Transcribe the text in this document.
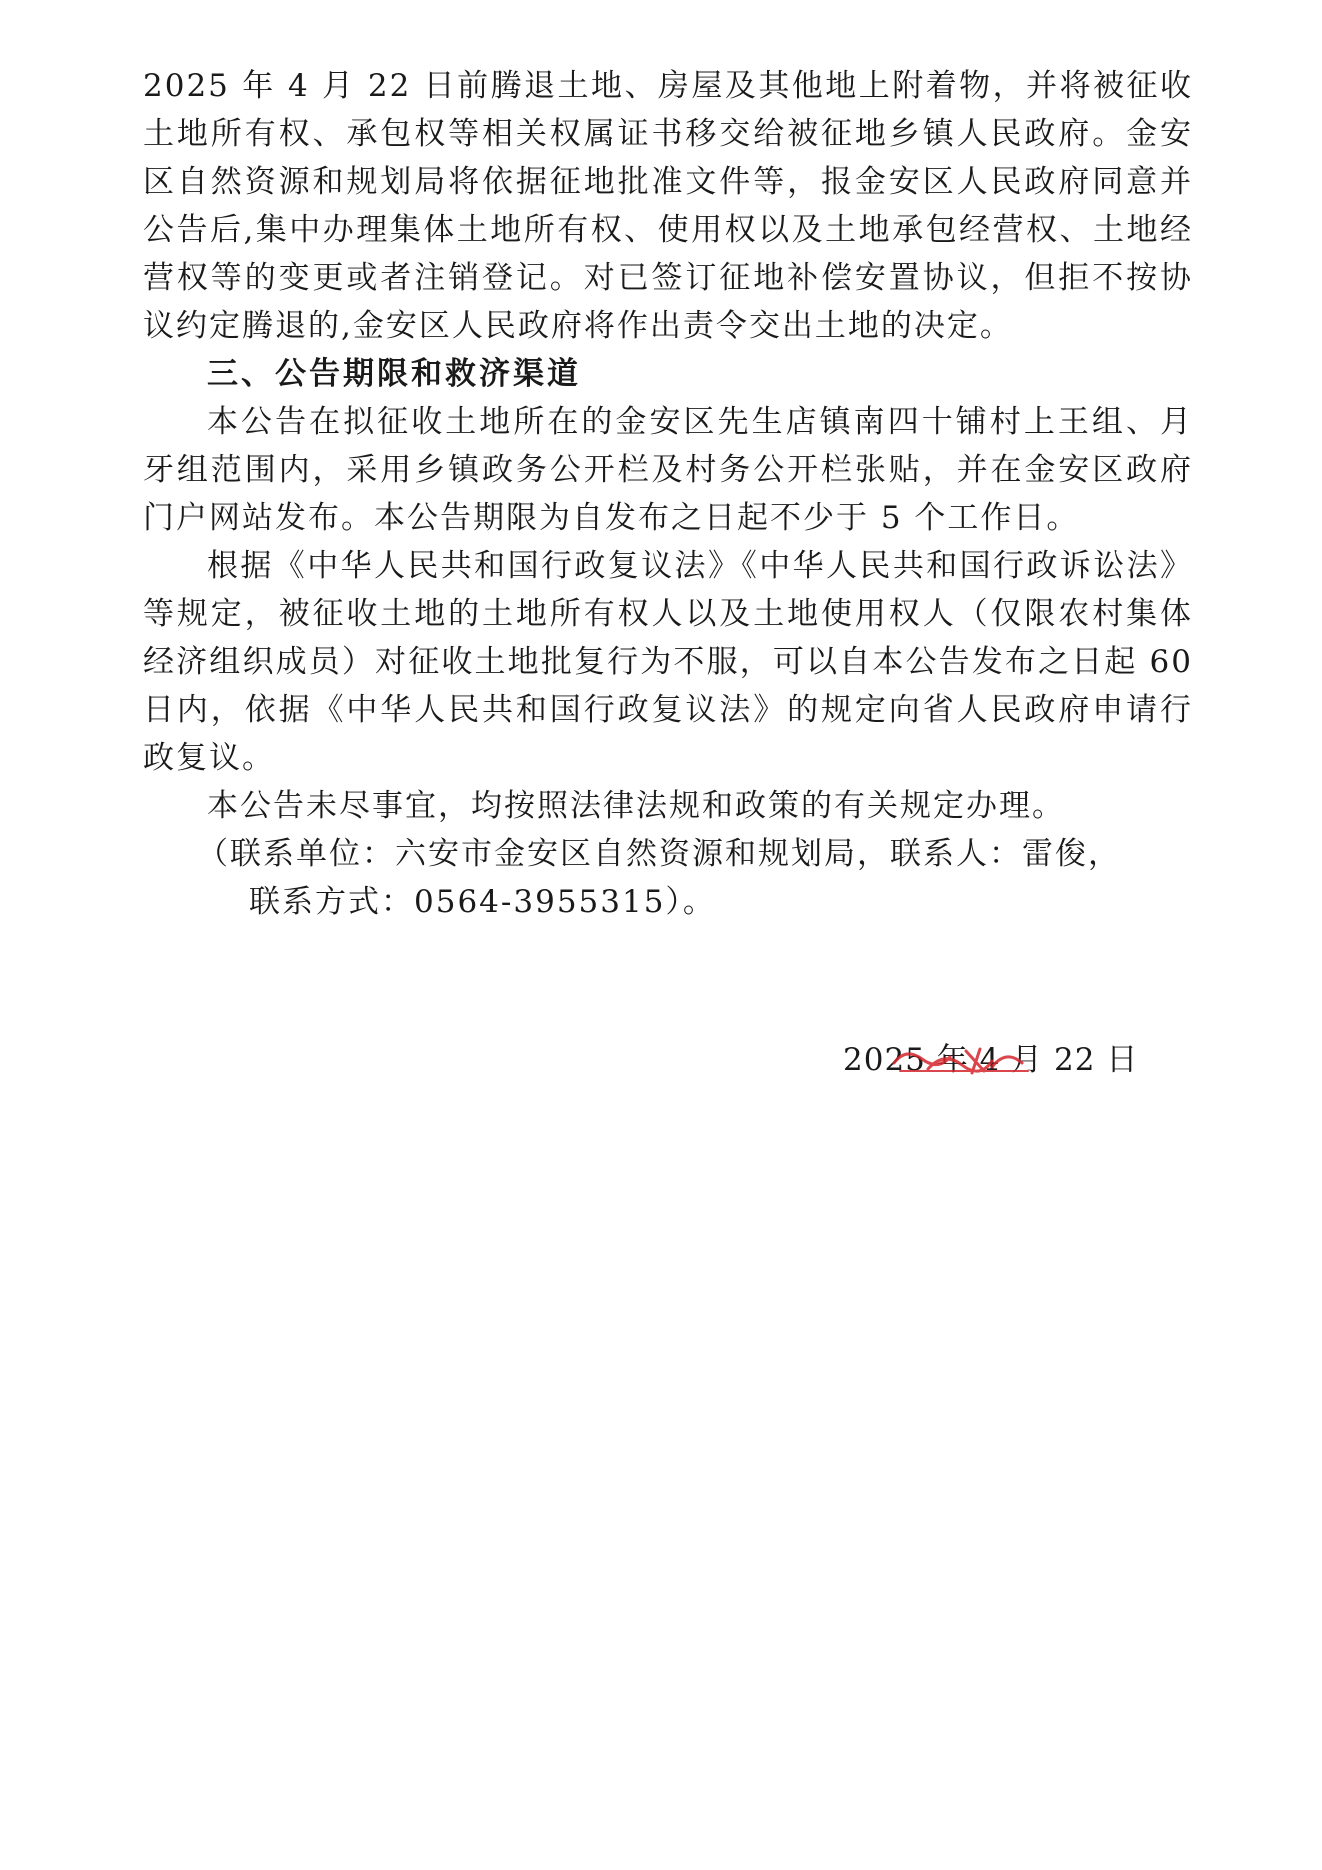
2025 年 4 月 22 日前腾退土地、房屋及其他地上附着物，并将被征收土地所有权、承包权等相关权属证书移交给被征地乡镇人民政府。金安区自然资源和规划局将依据征地批准文件等，报金安区人民政府同意并公告后,集中办理集体土地所有权、使用权以及土地承包经营权、土地经营权等的变更或者注销登记。对已签订征地补偿安置协议，但拒不按协议约定腾退的,金安区人民政府将作出责令交出土地的决定。

三、公告期限和救济渠道

本公告在拟征收土地所在的金安区先生店镇南四十铺村上王组、月牙组范围内，采用乡镇政务公开栏及村务公开栏张贴，并在金安区政府门户网站发布。本公告期限为自发布之日起不少于 5 个工作日。

根据《中华人民共和国行政复议法》《中华人民共和国行政诉讼法》等规定，被征收土地的土地所有权人以及土地使用权人（仅限农村集体经济组织成员）对征收土地批复行为不服，可以自本公告发布之日起 60 日内，依据《中华人民共和国行政复议法》的规定向省人民政府申请行政复议。

本公告未尽事宜，均按照法律法规和政策的有关规定办理。

（联系单位：六安市金安区自然资源和规划局，联系人：雷俊，
联系方式：0564-3955315）。

2025 年 4 月 22 日
